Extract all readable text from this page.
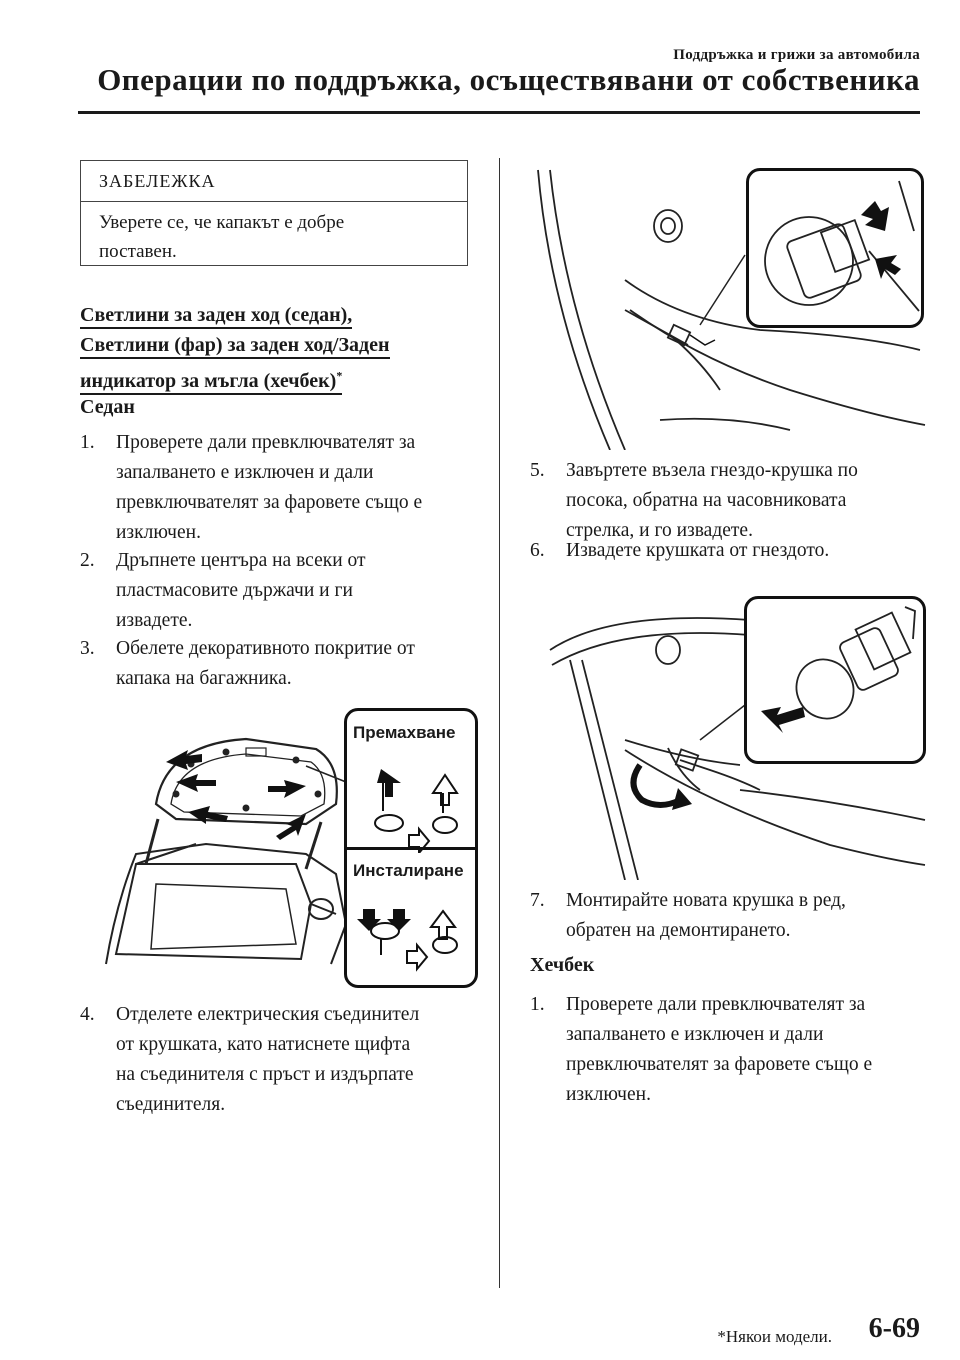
Поддръжка и грижи за автомобила
Операции по поддръжка, осъществявани от собственика
ЗАБЕЛЕЖКА
Уверете се, че капакът е добре
поставен.
Светлини за заден ход (седан),
Светлини (фар) за заден ход/Заден
индикатор за мъгла (хечбек)*
Седан
1. Проверете дали превключвателят за
запалването е изключен и дали
превключвателят за фаровете също е
изключен.
2. Дръпнете центъра на всеки от
пластмасовите държачи и ги
извадете.
3. Обелете декоративното покритие от
капака на багажника.
Премахване
Инсталиране
4. Отделете електрическия съединител
от крушката, като натиснете щифта
на съединителя с пръст и издърпате
съединителя.
5. Завъртете възела гнездо-крушка по
посока, обратна на часовниковата
стрелка, и го извадете.
6. Извадете крушката от гнездото.
7. Монтирайте новата крушка в ред,
обратен на демонтирането.
Хечбек
1. Проверете дали превключвателят за
запалването е изключен и дали
превключвателят за фаровете също е
изключен.
*Някои модели. 6-69
